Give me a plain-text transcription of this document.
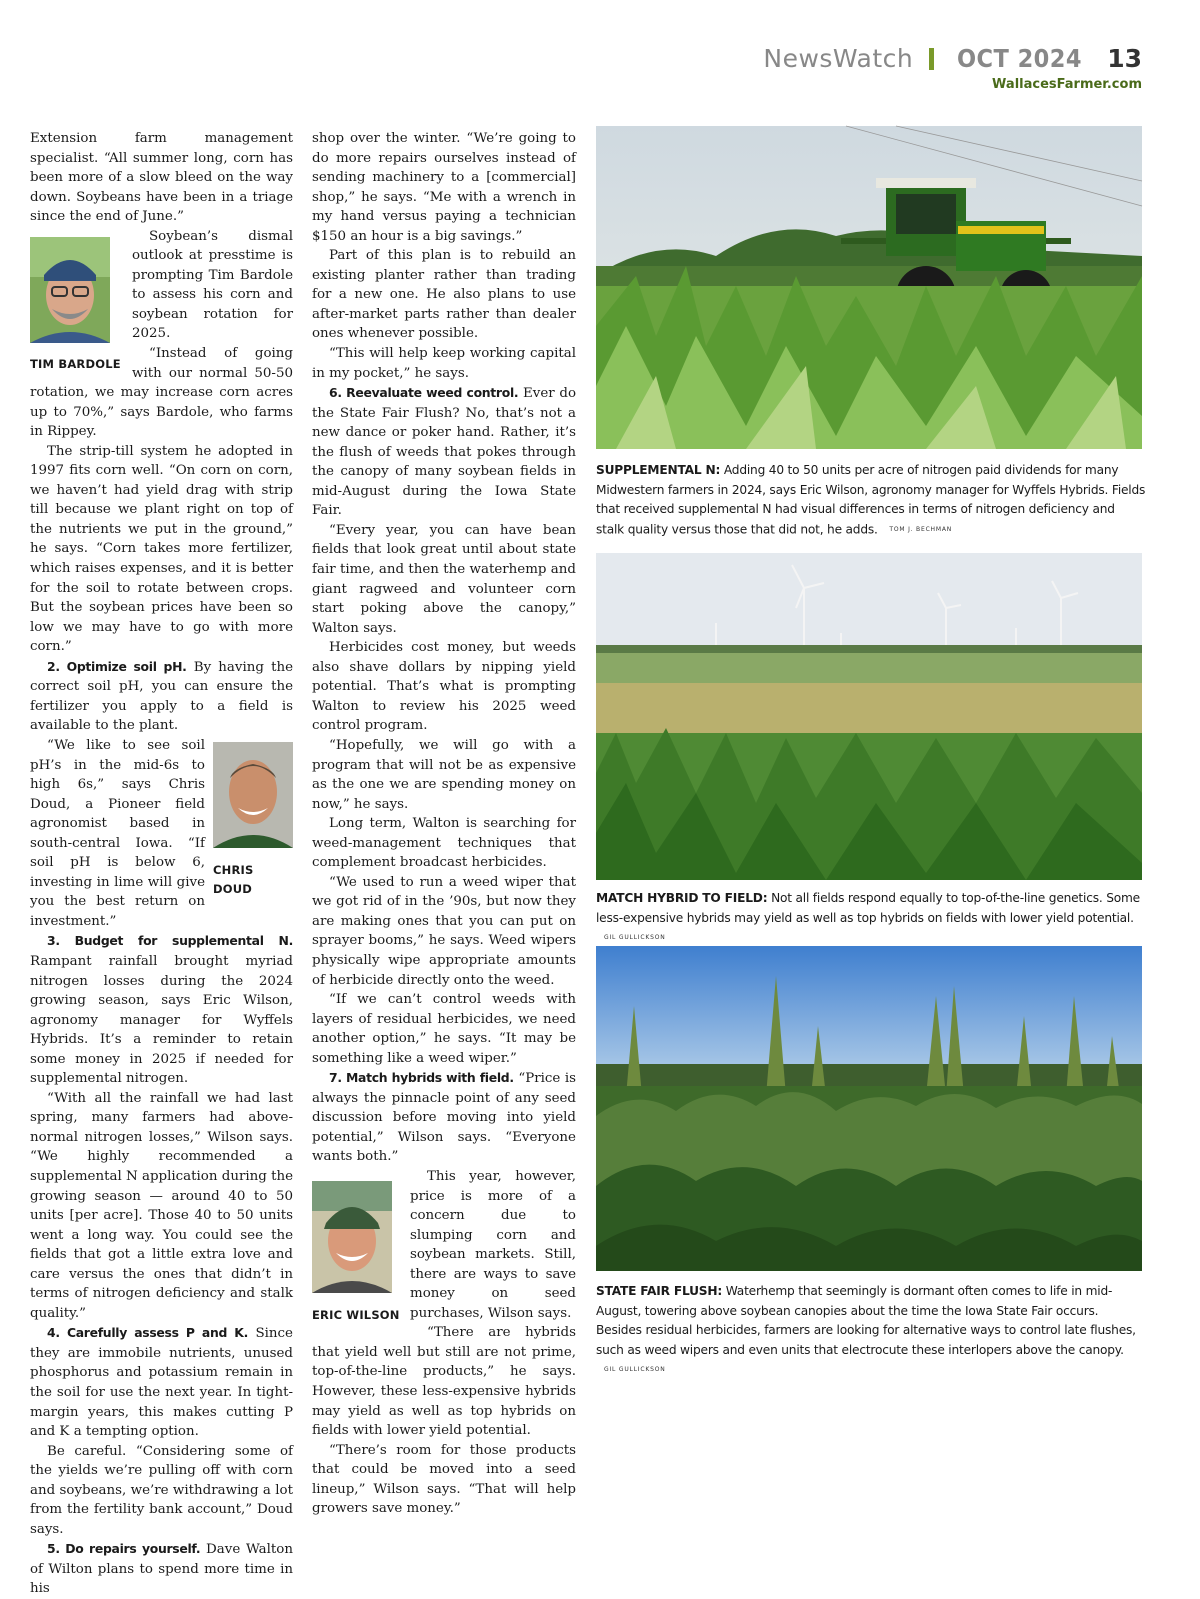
NewsWatch OCT 2024 13
WallacesFarmer.com

Extension farm management specialist. “All summer long, corn has been more of a slow bleed on the way down. Soybeans have been in a triage since the end of June.”

TIM BARDOLE

Soybean’s dismal outlook at presstime is prompting Tim Bardole to assess his corn and soybean rotation for 2025.

“Instead of going with our normal 50-50 rotation, we may increase corn acres up to 70%,” says Bardole, who farms in Rippey.

The strip-till system he adopted in 1997 fits corn well. “On corn on corn, we haven’t had yield drag with strip till because we plant right on top of the nutrients we put in the ground,” he says. “Corn takes more fertilizer, which raises expenses, and it is better for the soil to rotate between crops. But the soybean prices have been so low we may have to go with more corn.”

2. Optimize soil pH. By having the correct soil pH, you can ensure the fertilizer you apply to a field is available to the plant.

CHRIS DOUD

“We like to see soil pH’s in the mid-6s to high 6s,” says Chris Doud, a Pioneer field agronomist based in south-central Iowa. “If soil pH is below 6, investing in lime will give you the best return on investment.”

3. Budget for supplemental N. Rampant rainfall brought myriad nitrogen losses during the 2024 growing season, says Eric Wilson, agronomy manager for Wyffels Hybrids. It’s a reminder to retain some money in 2025 if needed for supplemental nitrogen.

“With all the rainfall we had last spring, many farmers had above-normal nitrogen losses,” Wilson says. “We highly recommended a supplemental N application during the growing season — around 40 to 50 units [per acre]. Those 40 to 50 units went a long way. You could see the fields that got a little extra love and care versus the ones that didn’t in terms of nitrogen deficiency and stalk quality.”

4. Carefully assess P and K. Since they are immobile nutrients, unused phosphorus and potassium remain in the soil for use the next year. In tight-margin years, this makes cutting P and K a tempting option.

Be careful. “Considering some of the yields we’re pulling off with corn and soybeans, we’re withdrawing a lot from the fertility bank account,” Doud says.

5. Do repairs yourself. Dave Walton of Wilton plans to spend more time in his

shop over the winter. “We’re going to do more repairs ourselves instead of sending machinery to a [commercial] shop,” he says. “Me with a wrench in my hand versus paying a technician $150 an hour is a big savings.”

Part of this plan is to rebuild an existing planter rather than trading for a new one. He also plans to use after-market parts rather than dealer ones whenever possible.

“This will help keep working capital in my pocket,” he says.

6. Reevaluate weed control. Ever do the State Fair Flush? No, that’s not a new dance or poker hand. Rather, it’s the flush of weeds that pokes through the canopy of many soybean fields in mid-August during the Iowa State Fair.

“Every year, you can have bean fields that look great until about state fair time, and then the waterhemp and giant ragweed and volunteer corn start poking above the canopy,” Walton says.

Herbicides cost money, but weeds also shave dollars by nipping yield potential. That’s what is prompting Walton to review his 2025 weed control program.

“Hopefully, we will go with a program that will not be as expensive as the one we are spending money on now,” he says.

Long term, Walton is searching for weed-management techniques that complement broadcast herbicides.

“We used to run a weed wiper that we got rid of in the ’90s, but now they are making ones that you can put on sprayer booms,” he says. Weed wipers physically wipe appropriate amounts of herbicide directly onto the weed.

“If we can’t control weeds with layers of residual herbicides, we need another option,” he says. “It may be something like a weed wiper.”

7. Match hybrids with field. “Price is always the pinnacle point of any seed discussion before moving into yield potential,” Wilson says. “Everyone wants both.”

ERIC WILSON

This year, however, price is more of a concern due to slumping corn and soybean markets. Still, there are ways to save money on seed purchases, Wilson says.

“There are hybrids that yield well but still are not prime, top-of-the-line products,” he says. However, these less-expensive hybrids may yield as well as top hybrids on fields with lower yield potential.

“There’s room for those products that could be moved into a seed lineup,” Wilson says. “That will help growers save money.”

SUPPLEMENTAL N: Adding 40 to 50 units per acre of nitrogen paid dividends for many Midwestern farmers in 2024, says Eric Wilson, agronomy manager for Wyffels Hybrids. Fields that received supplemental N had visual differences in terms of nitrogen deficiency and stalk quality versus those that did not, he adds. TOM J. BECHMAN
MATCH HYBRID TO FIELD: Not all fields respond equally to top-of-the-line genetics. Some less-expensive hybrids may yield as well as top hybrids on fields with lower yield potential. GIL GULLICKSON
STATE FAIR FLUSH: Waterhemp that seemingly is dormant often comes to life in mid-August, towering above soybean canopies about the time the Iowa State Fair occurs. Besides residual herbicides, farmers are looking for alternative ways to control late flushes, such as weed wipers and even units that electrocute these interlopers above the canopy. GIL GULLICKSON
